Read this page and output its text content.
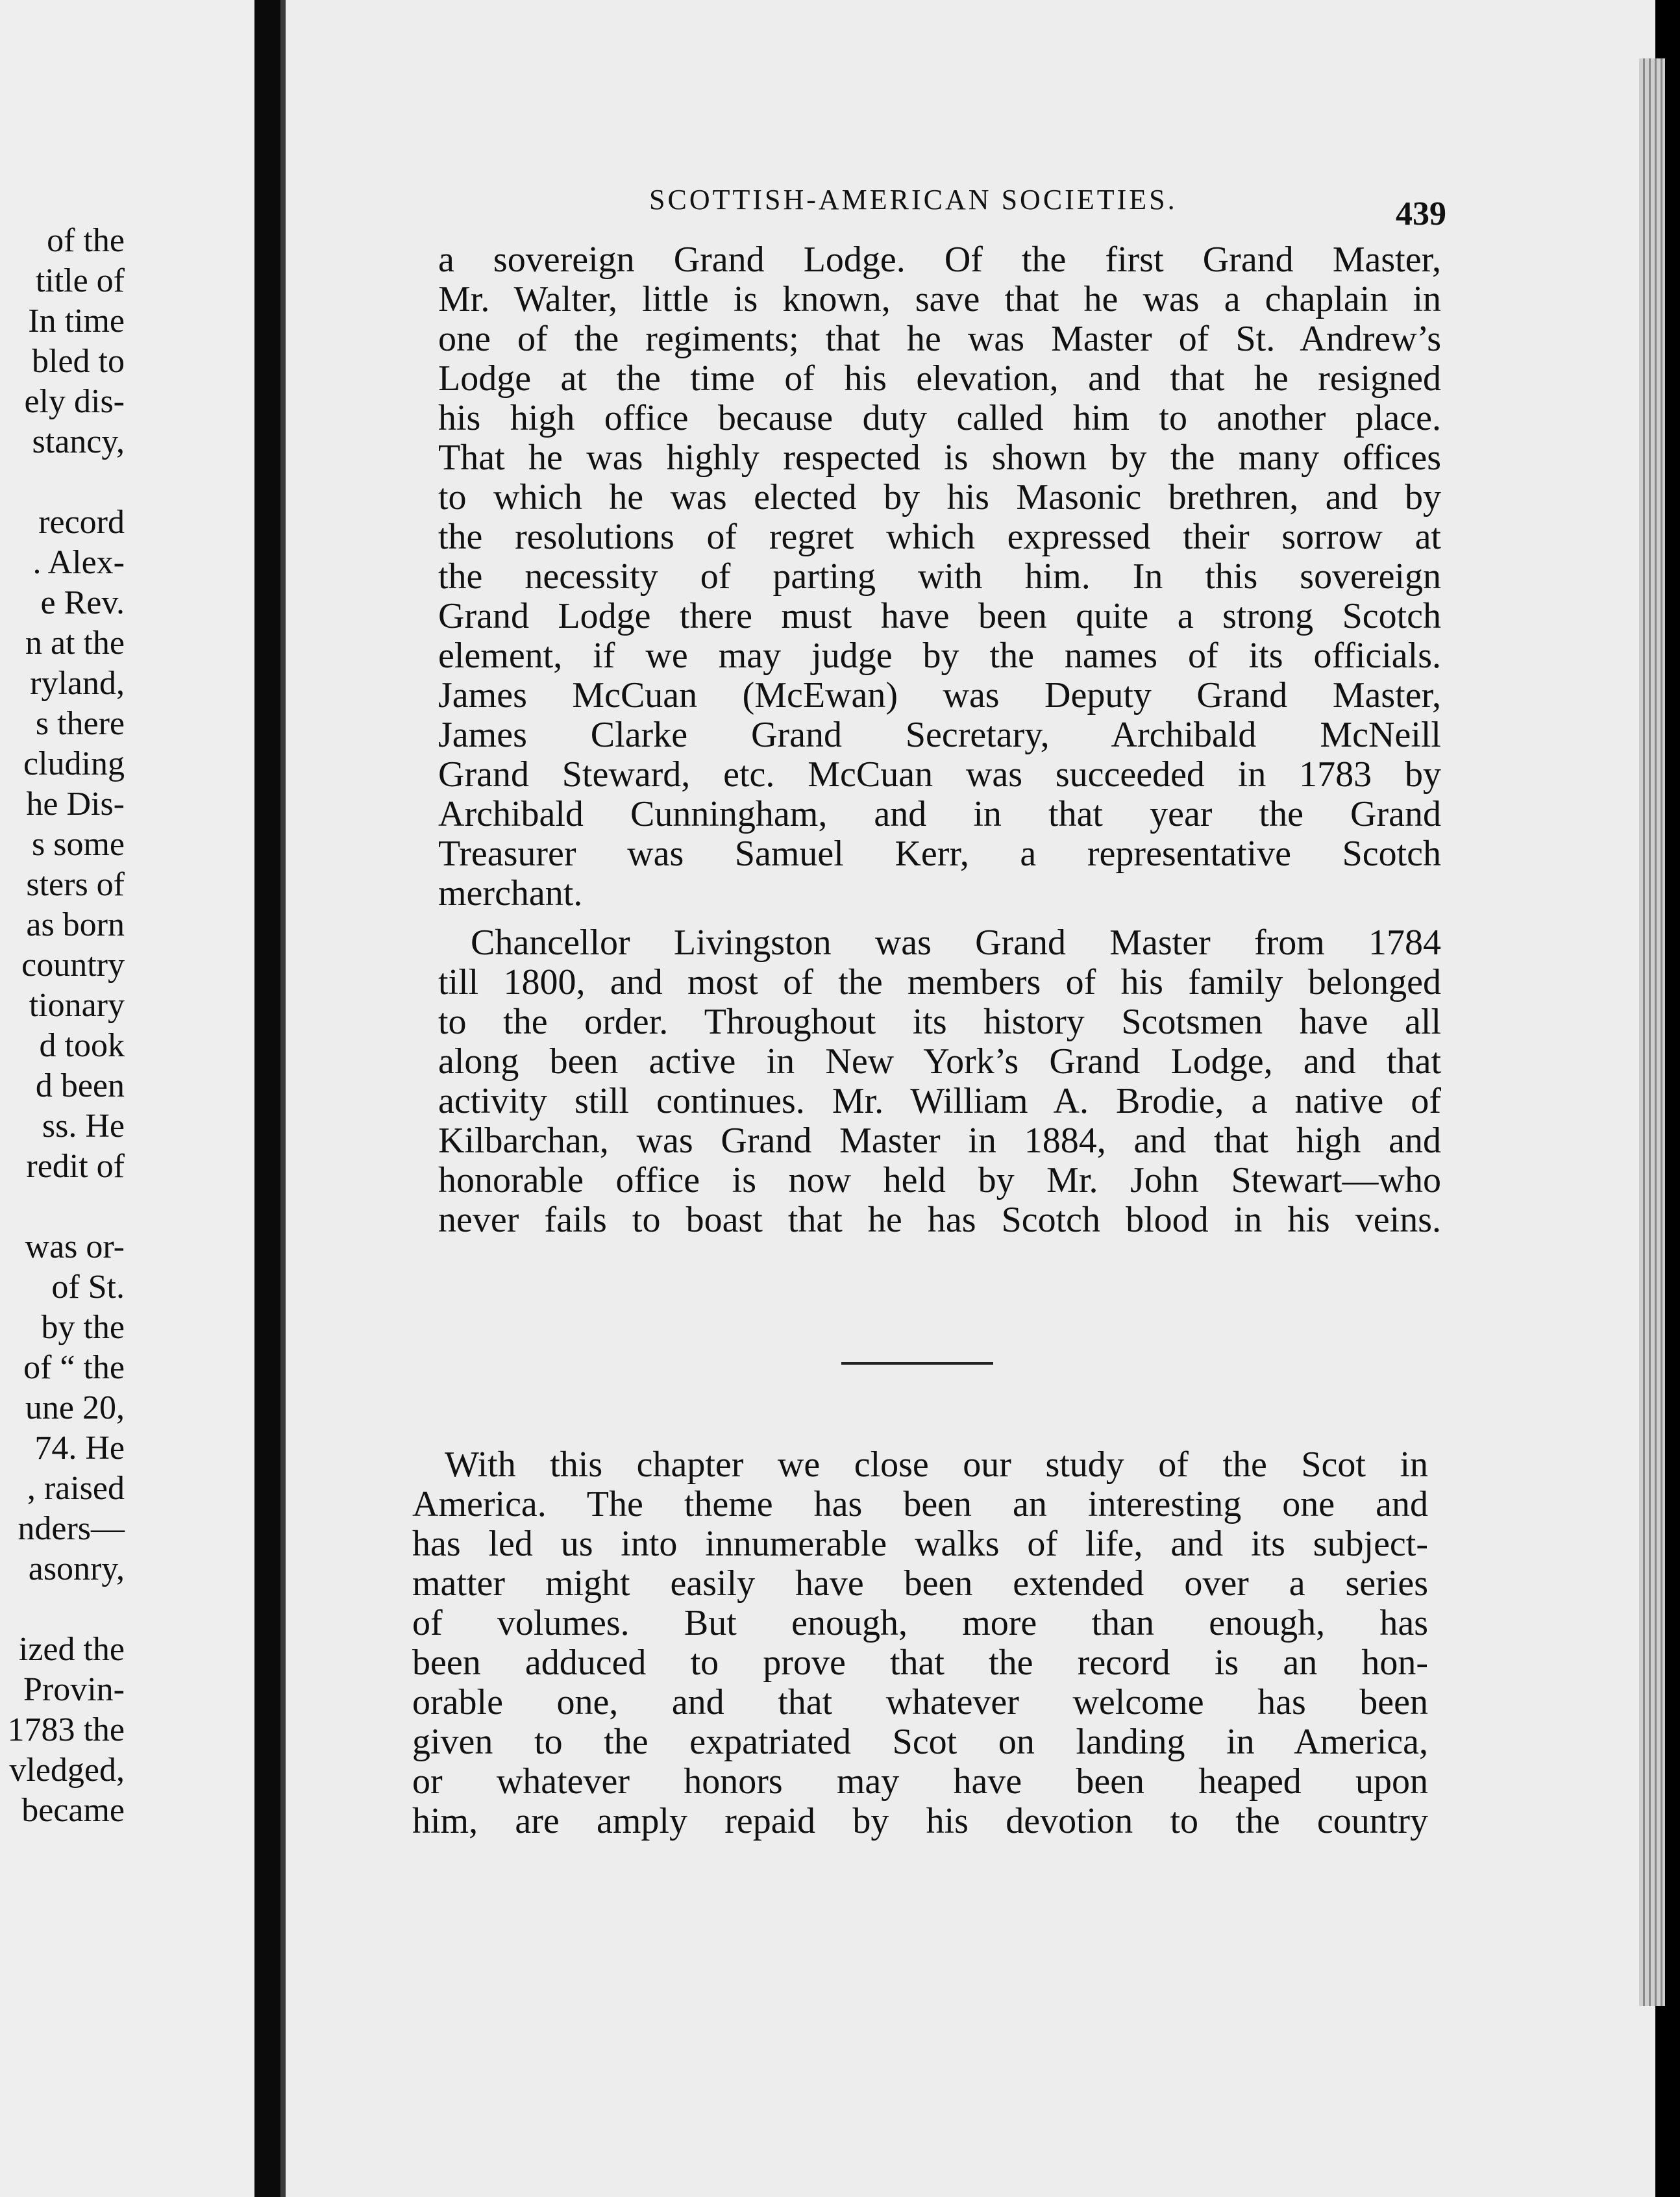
of the
title of
In time
bled to
ely dis-
stancy,
record
. Alex-
e Rev.
n at the
ryland,
s there
cluding
he Dis-
s some
sters of
as born
country
tionary
d took
d been
ss. He
redit of
was or-
of St.
by the
of “ the
une 20,
74. He
, raised
nders—
asonry,
ized the
Provin-
1783 the
vledged,
became
SCOTTISH-AMERICAN SOCIETIES.	439
a sovereign Grand Lodge. Of the first Grand Master,
Mr. Walter, little is known, save that he was a chaplain in
one of the regiments; that he was Master of St. Andrew’s
Lodge at the time of his elevation, and that he resigned
his high office because duty called him to another place.
That he was highly respected is shown by the many offices
to which he was elected by his Masonic brethren, and by
the resolutions of regret which expressed their sorrow at
the necessity of parting with him. In this sovereign
Grand Lodge there must have been quite a strong Scotch
element, if we may judge by the names of its officials.
James McCuan (McEwan) was Deputy Grand Master,
James Clarke Grand Secretary, Archibald McNeill
Grand Steward, etc. McCuan was succeeded in 1783 by
Archibald Cunningham, and in that year the Grand
Treasurer was Samuel Kerr, a representative Scotch
merchant.
Chancellor Livingston was Grand Master from 1784
till 1800, and most of the members of his family belonged
to the order. Throughout its history Scotsmen have all
along been active in New York’s Grand Lodge, and that
activity still continues. Mr. William A. Brodie, a native of
Kilbarchan, was Grand Master in 1884, and that high and
honorable office is now held by Mr. John Stewart—who
never fails to boast that he has Scotch blood in his veins.
With this chapter we close our study of the Scot in
America. The theme has been an interesting one and
has led us into innumerable walks of life, and its subject-
matter might easily have been extended over a series
of volumes. But enough, more than enough, has
been adduced to prove that the record is an hon-
orable one, and that whatever welcome has been
given to the expatriated Scot on landing in America,
or whatever honors may have been heaped upon
him, are amply repaid by his devotion to the country
